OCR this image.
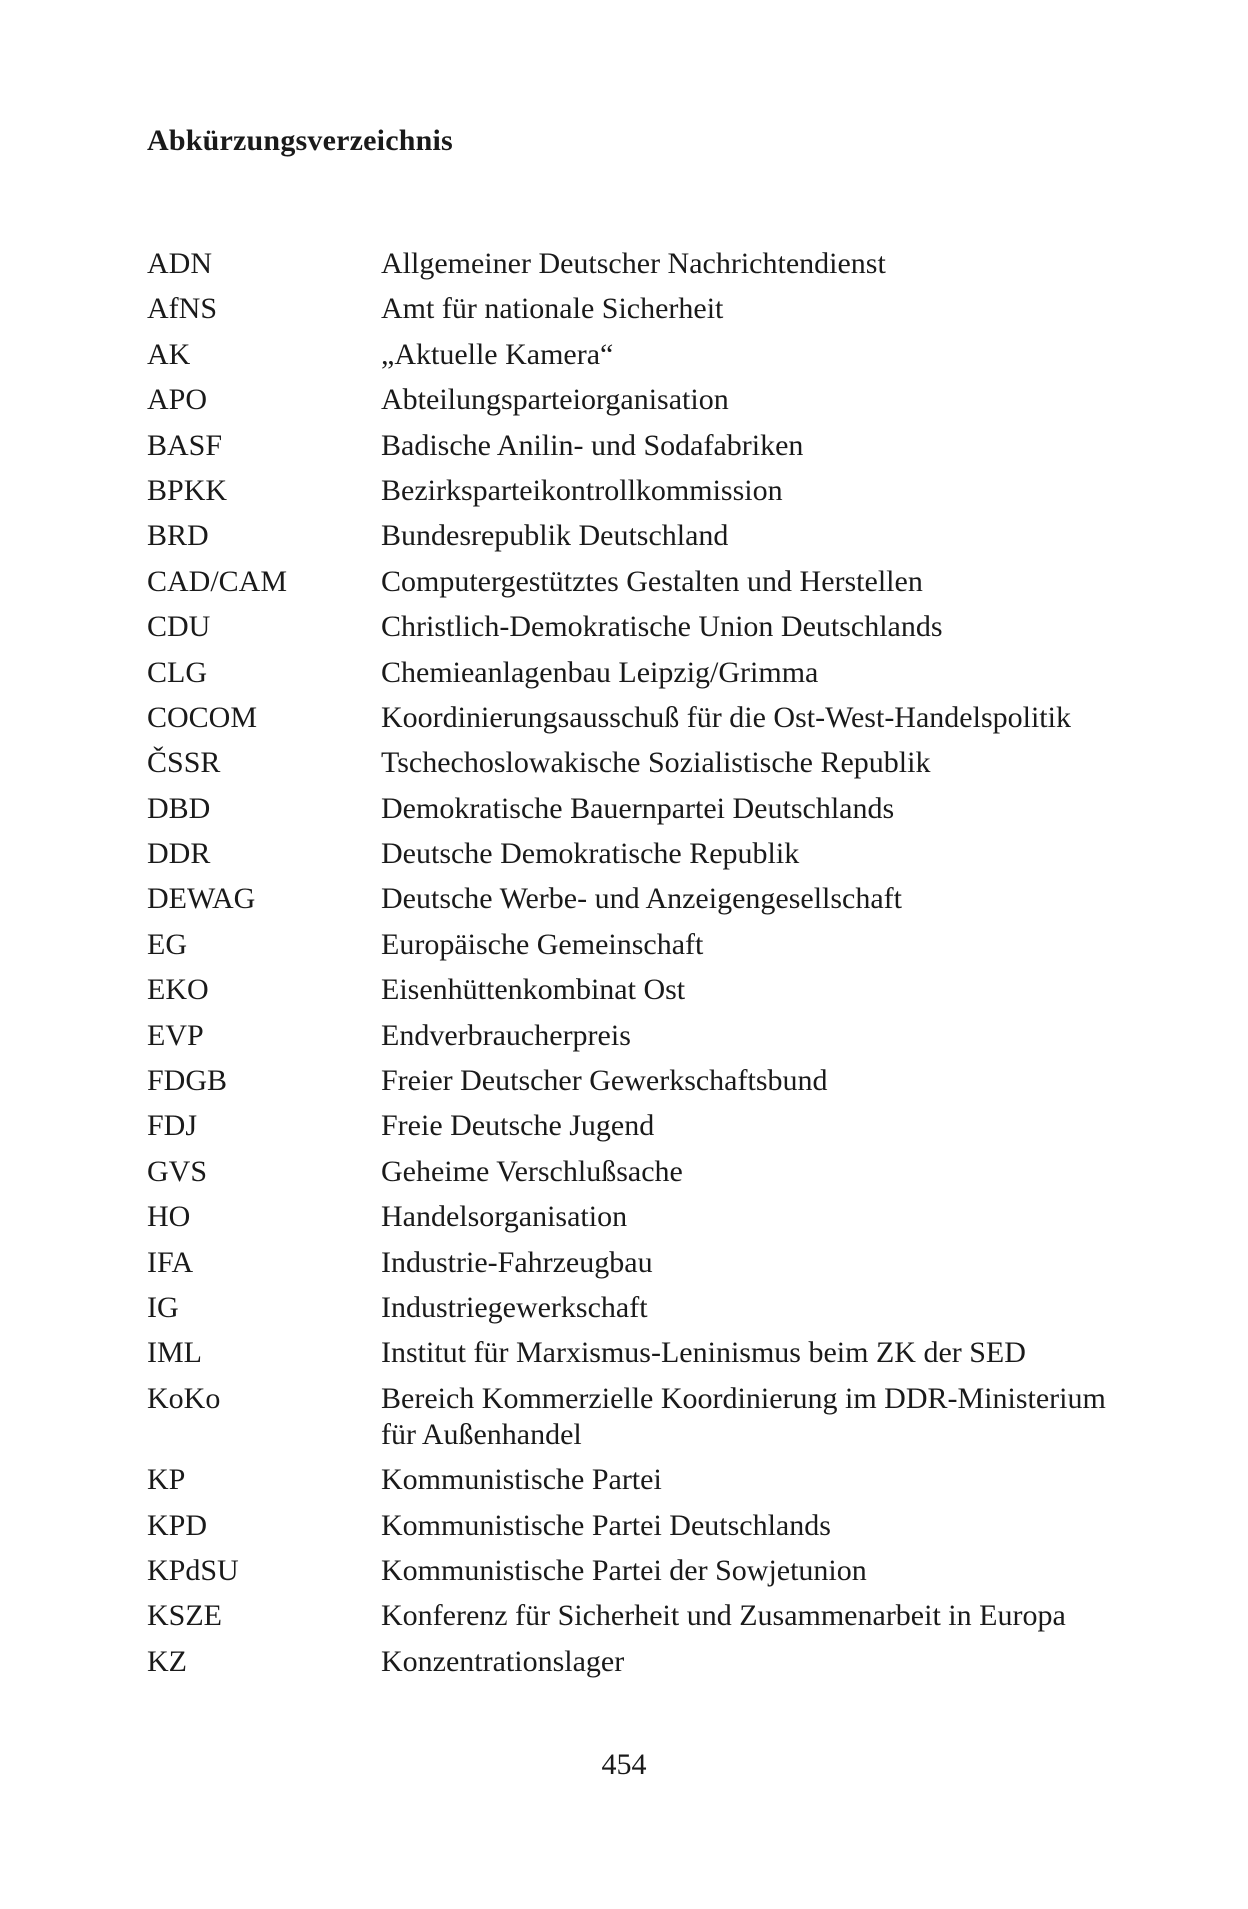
Abkürzungsverzeichnis
ADN	Allgemeiner Deutscher Nachrichtendienst
AfNS	Amt für nationale Sicherheit
AK	„Aktuelle Kamera“
APO	Abteilungsparteiorganisation
BASF	Badische Anilin- und Sodafabriken
BPKK	Bezirksparteikontrollkommission
BRD	Bundesrepublik Deutschland
CAD/CAM	Computergestütztes Gestalten und Herstellen
CDU	Christlich-Demokratische Union Deutschlands
CLG	Chemieanlagenbau Leipzig/Grimma
COCOM	Koordinierungsausschuß für die Ost-West-Handelspolitik
ČSSR	Tschechoslowakische Sozialistische Republik
DBD	Demokratische Bauernpartei Deutschlands
DDR	Deutsche Demokratische Republik
DEWAG	Deutsche Werbe- und Anzeigengesellschaft
EG	Europäische Gemeinschaft
EKO	Eisenhüttenkombinat Ost
EVP	Endverbraucherpreis
FDGB	Freier Deutscher Gewerkschaftsbund
FDJ	Freie Deutsche Jugend
GVS	Geheime Verschlußsache
HO	Handelsorganisation
IFA	Industrie-Fahrzeugbau
IG	Industriegewerkschaft
IML	Institut für Marxismus-Leninismus beim ZK der SED
KoKo	Bereich Kommerzielle Koordinierung im DDR-Ministerium
für Außenhandel
KP	Kommunistische Partei
KPD	Kommunistische Partei Deutschlands
KPdSU	Kommunistische Partei der Sowjetunion
KSZE	Konferenz für Sicherheit und Zusammenarbeit in Europa
KZ	Konzentrationslager
454
